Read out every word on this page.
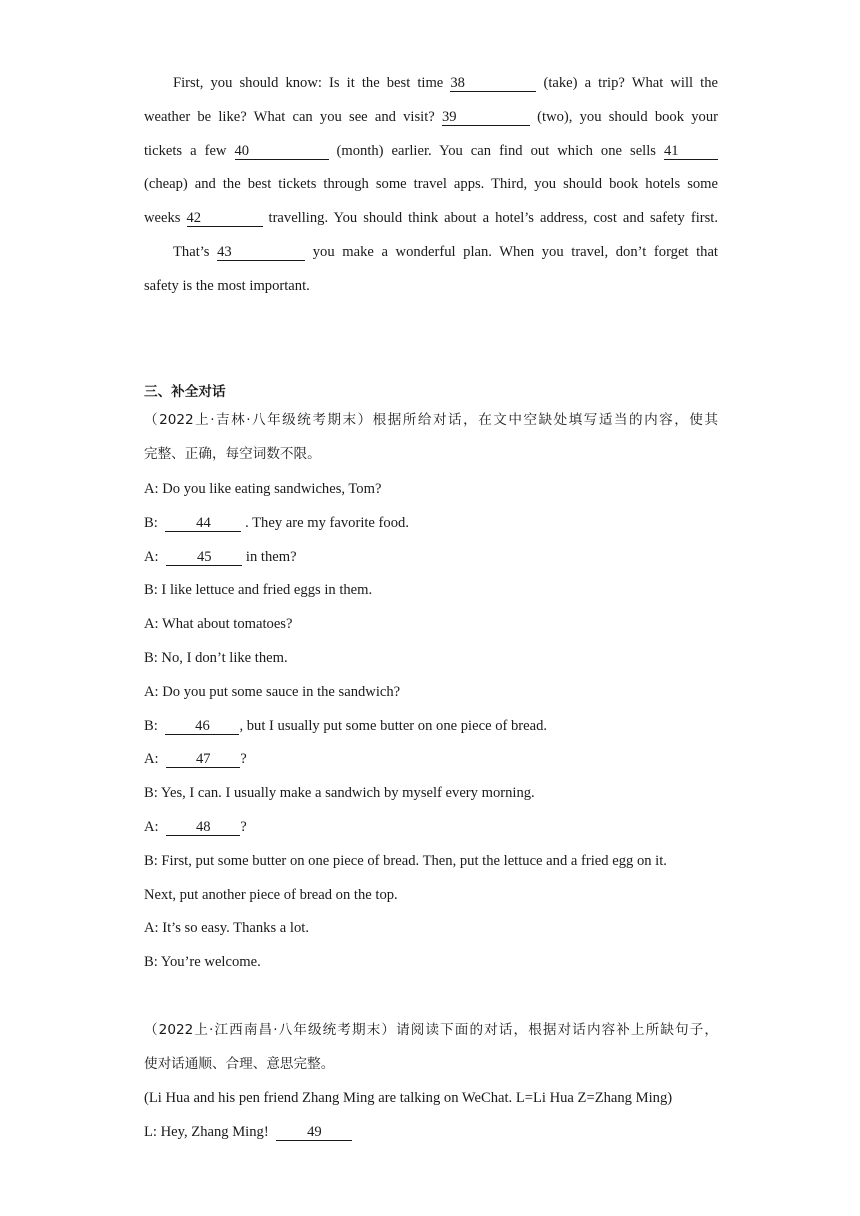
First, you should know: Is it the best time 38	(take) a trip? What will the
weather be like? What can you see and visit? 39	(two), you should book your
tickets a few 40	(month) earlier. You can find out which one sells 41
(cheap) and the best tickets through some travel apps. Third, you should book hotels some
weeks 42	travelling. You should think about a hotel’s address, cost and safety first.
That’s 43	you make a wonderful plan. When you travel, don’t forget that
safety is the most important.
三、补全对话
（2022上·吉林·八年级统考期末）根据所给对话，在文中空缺处填写适当的内容，使其
完整、正确，每空词数不限。
A: Do you like eating sandwiches, Tom?
B:	44 . They are my favorite food.
A:	45 in them?
B: I like lettuce and fried eggs in them.
A: What about tomatoes?
B: No, I don’t like them.
A: Do you put some sauce in the sandwich?
B:	46 , but I usually put some butter on one piece of bread.
A:	47 ?
B: Yes, I can. I usually make a sandwich by myself every morning.
A:	48 ?
B: First, put some butter on one piece of bread. Then, put the lettuce and a fried egg on it.
Next, put another piece of bread on the top.
A: It’s so easy. Thanks a lot.
B: You’re welcome.
（2022上·江西南昌·八年级统考期末）请阅读下面的对话，根据对话内容补上所缺句子，
使对话通顺、合理、意思完整。
(Li Hua and his pen friend Zhang Ming are talking on WeChat. L=Li Hua Z=Zhang Ming)
L: Hey, Zhang Ming!	49
